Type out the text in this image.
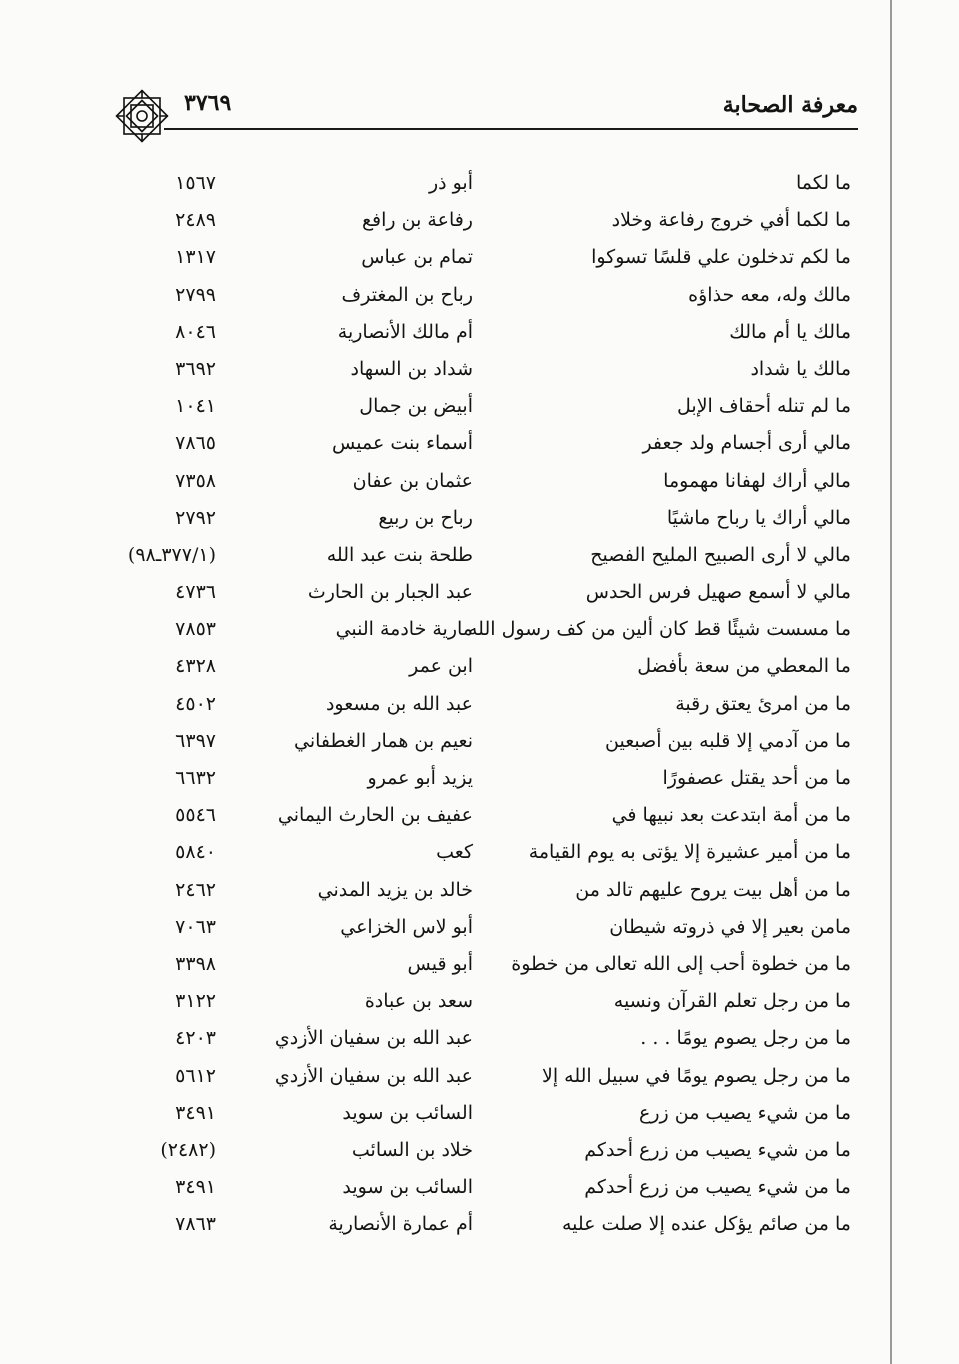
٣٧٦٩	معرفة الصحابة
ما لكما
أبو ذر
١٥٦٧
ما لكما أفي خروج رفاعة وخلاد
رفاعة بن رافع
٢٤٨٩
ما لكم تدخلون علي قلسًا تسوكوا
تمام بن عباس
١٣١٧
مالك وله، معه حذاؤه
رباح بن المغترف
٢٧٩٩
مالك يا أم مالك
أم مالك الأنصارية
٨٠٤٦
مالك يا شداد
شداد بن السهاد
٣٦٩٢
ما لم تنله أحقاف الإبل
أبيض بن جمال
١٠٤١
مالي أرى أجسام ولد جعفر
أسماء بنت عميس
٧٨٦٥
مالي أراك لهفانا مهموما
عثمان بن عفان
٧٣٥٨
مالي أراك يا رباح ماشيًا
رباح بن ربيع
٢٧٩٢
مالي لا أرى الصبيح المليح الفصيح
طلحة بنت عبد الله
(٣٧٧/١ـ٩٨)
مالي لا أسمع صهيل فرس الحدس
عبد الجبار بن الحارث
٤٧٣٦
ما مسست شيئًا قط كان ألين من كف رسول الله
مارية خادمة النبي
٧٨٥٣
ما المعطي من سعة بأفضل
ابن عمر
٤٣٢٨
ما من امرئ يعتق رقبة
عبد الله بن مسعود
٤٥٠٢
ما من آدمي إلا قلبه بين أصبعين
نعيم بن همار الغطفاني
٦٣٩٧
ما من أحد يقتل عصفورًا
يزيد أبو عمرو
٦٦٣٢
ما من أمة ابتدعت بعد نبيها في
عفيف بن الحارث اليماني
٥٥٤٦
ما من أمير عشيرة إلا يؤتى به يوم القيامة
كعب
٥٨٤٠
ما من أهل بيت يروح عليهم تالد من
خالد بن يزيد المدني
٢٤٦٢
مامن بعير إلا في ذروته شيطان
أبو لاس الخزاعي
٧٠٦٣
ما من خطوة أحب إلى الله تعالى من خطوة
أبو قيس
٣٣٩٨
ما من رجل تعلم القرآن ونسيه
سعد بن عبادة
٣١٢٢
ما من رجل يصوم يومًا . . .
عبد الله بن سفيان الأزدي
٤٢٠٣
ما من رجل يصوم يومًا في سبيل الله إلا
عبد الله بن سفيان الأزدي
٥٦١٢
ما من شيء يصيب من زرع
السائب بن سويد
٣٤٩١
ما من شيء يصيب من زرع أحدكم
خلاد بن السائب
(٢٤٨٢)
ما من شيء يصيب من زرع أحدكم
السائب بن سويد
٣٤٩١
ما من صائم يؤكل عنده إلا صلت عليه
أم عمارة الأنصارية
٧٨٦٣
